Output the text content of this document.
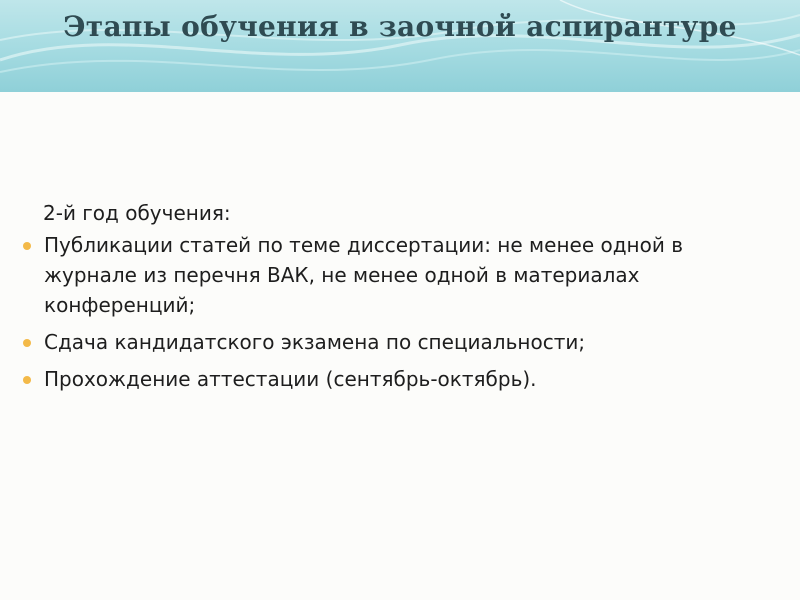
Этапы обучения в заочной аспирантуре
2-й год обучения:
Публикации статей по теме диссертации: не менее одной в журнале из перечня ВАК, не менее одной в материалах конференций;
Сдача кандидатского экзамена по специальности;
Прохождение аттестации (сентябрь-октябрь).
